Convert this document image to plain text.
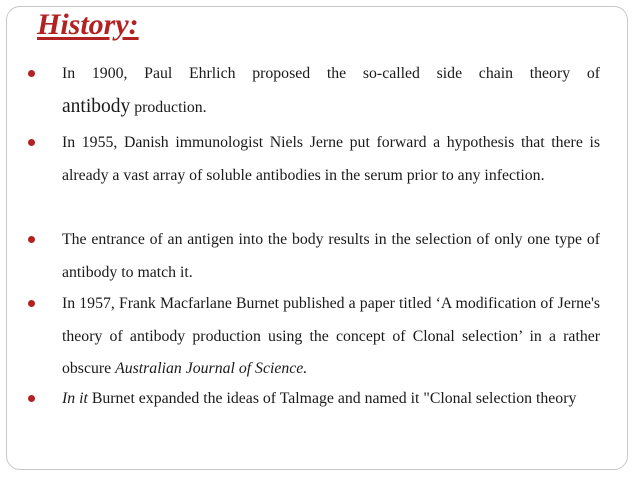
History:
In 1900, Paul Ehrlich proposed the so-called side chain theory of
antibody production.
In 1955, Danish immunologist Niels Jerne put forward a hypothesis that there is already a vast array of soluble antibodies in the serum prior to any infection.
The entrance of an antigen into the body results in the selection of only one type of antibody to match it.
In 1957, Frank Macfarlane Burnet published a paper titled ‘A modification of Jerne's theory of antibody production using the concept of Clonal selection’ in a rather obscure Australian Journal of Science.
In it Burnet expanded the ideas of Talmage and named it "Clonal selection theory
